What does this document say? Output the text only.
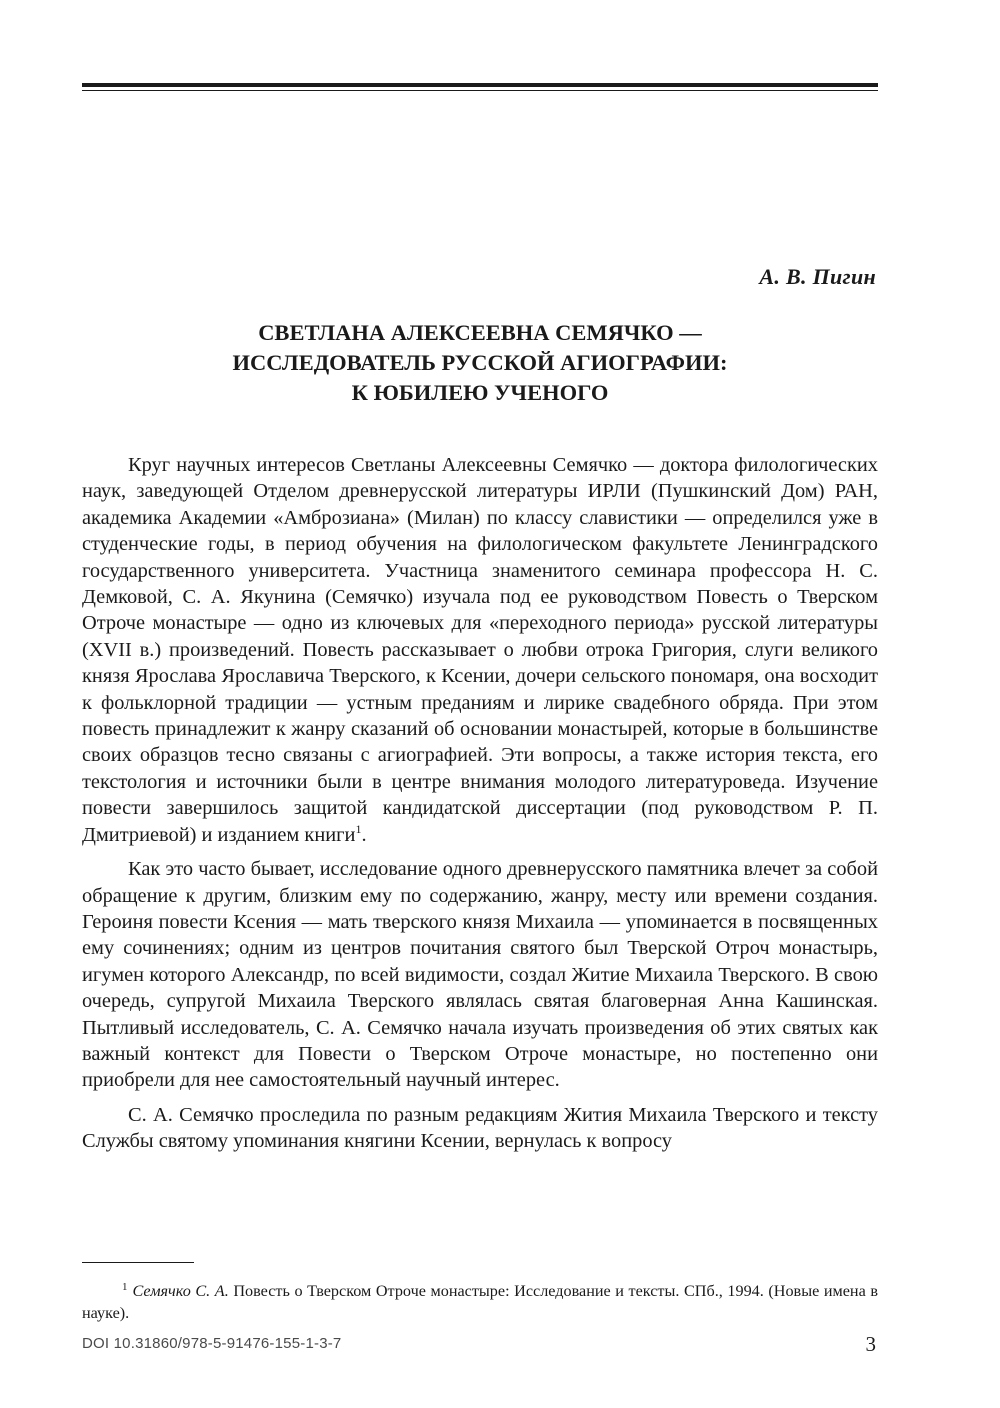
А. В. Пигин
СВЕТЛАНА АЛЕКСЕЕВНА СЕМЯЧКО —
ИССЛЕДОВАТЕЛЬ РУССКОЙ АГИОГРАФИИ:
К ЮБИЛЕЮ УЧЕНОГО

Круг научных интересов Светланы Алексеевны Семячко — доктора филологических наук, заведующей Отделом древнерусской литературы ИРЛИ (Пушкинский Дом) РАН, академика Академии «Амброзиана» (Милан) по классу славистики — определился уже в студенческие годы, в период обучения на филологическом факультете Ленинградского государственного университета. Участница знаменитого семинара профессора Н. С. Демковой, С. А. Якунина (Семячко) изучала под ее руководством Повесть о Тверском Отроче монастыре — одно из ключевых для «переходного периода» русской литературы (XVII в.) произведений. Повесть рассказывает о любви отрока Григория, слуги великого князя Ярослава Ярославича Тверского, к Ксении, дочери сельского пономаря, она восходит к фольклорной традиции — устным преданиям и лирике свадебного обряда. При этом повесть принадлежит к жанру сказаний об основании монастырей, которые в большинстве своих образцов тесно связаны с агиографией. Эти вопросы, а также история текста, его текстология и источники были в центре внимания молодого литературоведа. Изучение повести завершилось защитой кандидатской диссертации (под руководством Р. П. Дмитриевой) и изданием книги$^1$.

Как это часто бывает, исследование одного древнерусского памятника влечет за собой обращение к другим, близким ему по содержанию, жанру, месту или времени создания. Героиня повести Ксения — мать тверского князя Михаила — упоминается в посвященных ему сочинениях; одним из центров почитания святого был Тверской Отроч монастырь, игумен которого Александр, по всей видимости, создал Житие Михаила Тверского. В свою очередь, супругой Михаила Тверского являлась святая благоверная Анна Кашинская. Пытливый исследователь, С. А. Семячко начала изучать произведения об этих святых как важный контекст для Повести о Тверском Отроче монастыре, но постепенно они приобрели для нее самостоятельный научный интерес.

С. А. Семячко проследила по разным редакциям Жития Михаила Тверского и тексту Службы святому упоминания княгини Ксении, вернулась к вопросу

$^1$ Семячко С. А. Повесть о Тверском Отроче монастыре: Исследование и тексты. СПб., 1994. (Новые имена в науке).
DOI 10.31860/978-5-91476-155-1-3-7	3
